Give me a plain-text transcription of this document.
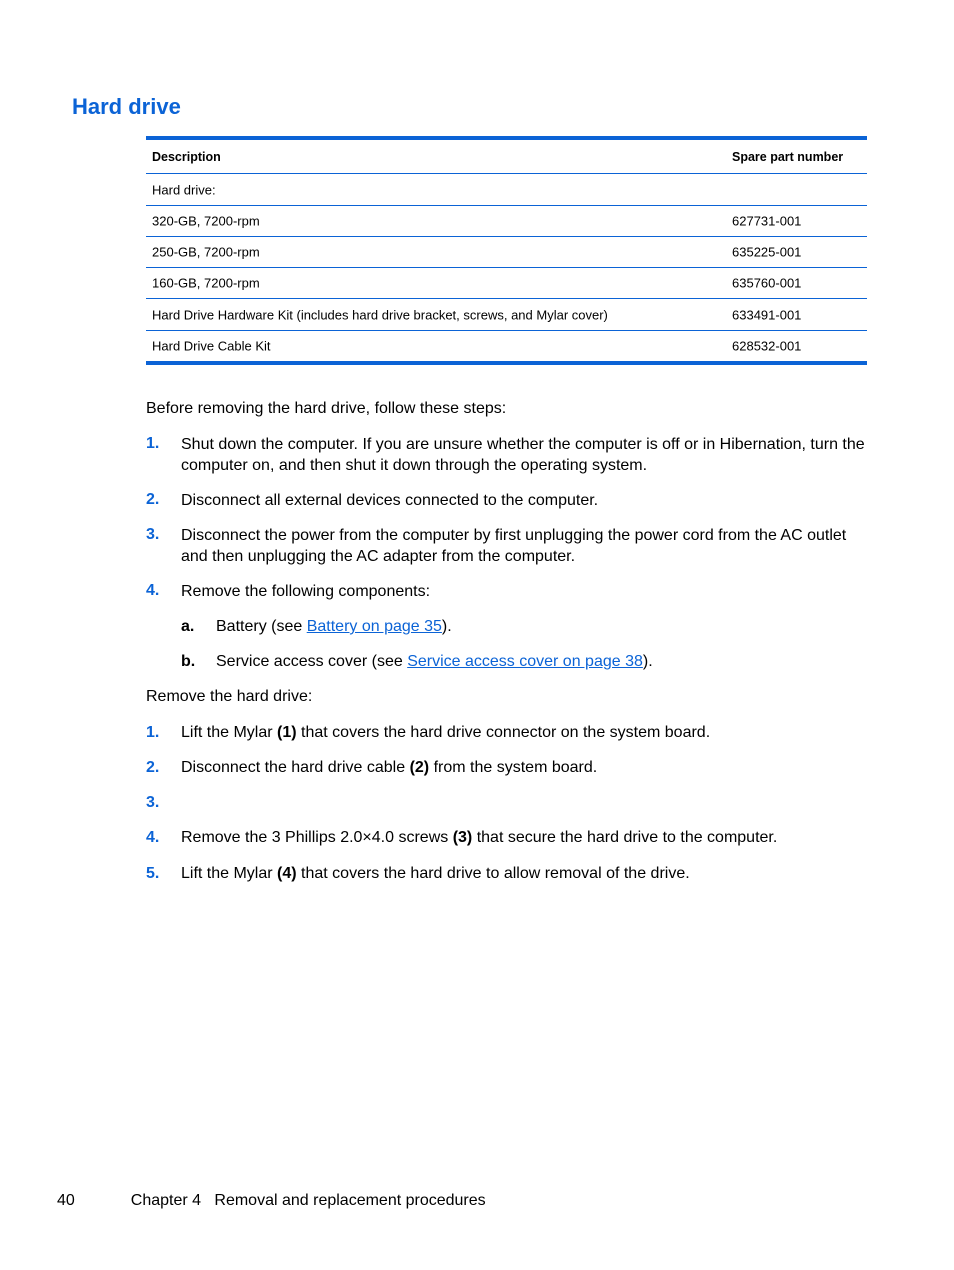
Hard drive
Description	Spare part number
Hard drive:
320-GB, 7200-rpm	627731-001
250-GB, 7200-rpm	635225-001
160-GB, 7200-rpm	635760-001
Hard Drive Hardware Kit (includes hard drive bracket, screws, and Mylar cover)	633491-001
Hard Drive Cable Kit	628532-001
Before removing the hard drive, follow these steps:
1. Shut down the computer. If you are unsure whether the computer is off or in Hibernation, turn the computer on, and then shut it down through the operating system.
2. Disconnect all external devices connected to the computer.
3. Disconnect the power from the computer by first unplugging the power cord from the AC outlet and then unplugging the AC adapter from the computer.
4. Remove the following components:
a. Battery (see Battery on page 35).
b. Service access cover (see Service access cover on page 38).
Remove the hard drive:
1. Lift the Mylar (1) that covers the hard drive connector on the system board.
2. Disconnect the hard drive cable (2) from the system board.
3.
4. Remove the 3 Phillips 2.0×4.0 screws (3) that secure the hard drive to the computer.
5. Lift the Mylar (4) that covers the hard drive to allow removal of the drive.
40	Chapter 4   Removal and replacement procedures
